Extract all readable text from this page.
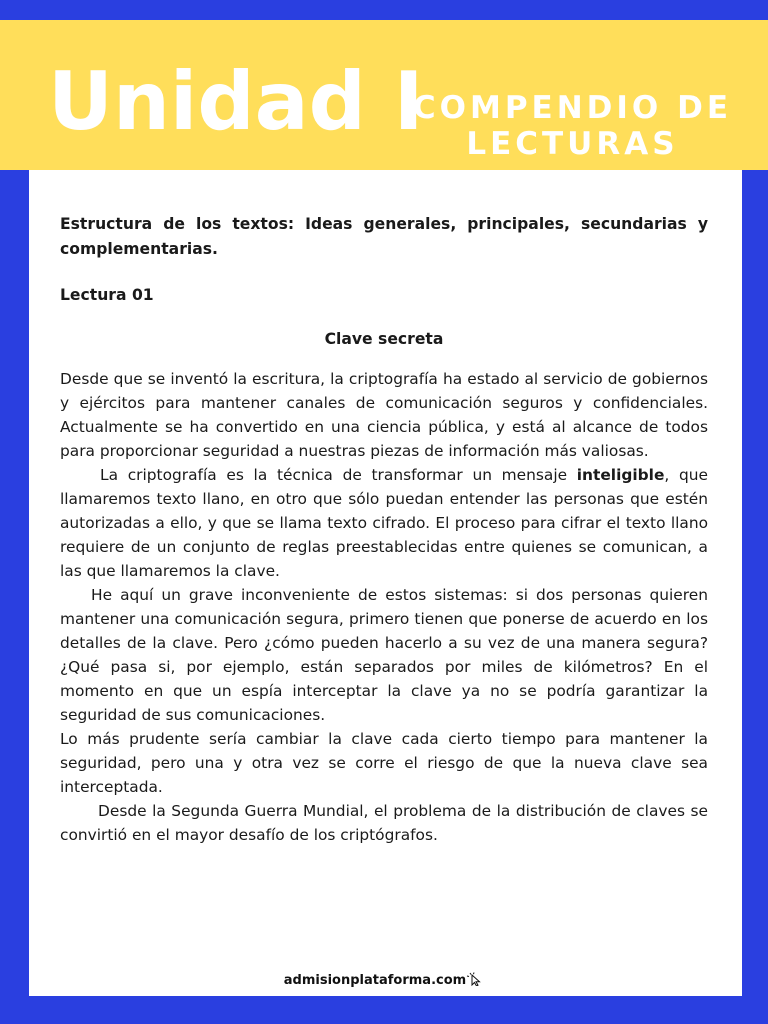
Unidad I
COMPENDIO DE
LECTURAS

Estructura de los textos: Ideas generales, principales, secundarias y complementarias.

Lectura 01

Clave secreta

Desde que se inventó la escritura, la criptografía ha estado al servicio de gobiernos y ejércitos para mantener canales de comunicación seguros y confidenciales. Actualmente se ha convertido en una ciencia pública, y está al alcance de todos para proporcionar seguridad a nuestras piezas de información más valiosas.

La criptografía es la técnica de transformar un mensaje inteligible, que llamaremos texto llano, en otro que sólo puedan entender las personas que estén autorizadas a ello, y que se llama texto cifrado. El proceso para cifrar el texto llano requiere de un conjunto de reglas preestablecidas entre quienes se comunican, a las que llamaremos la clave.

He aquí un grave inconveniente de estos sistemas: si dos personas quieren mantener una comunicación segura, primero tienen que ponerse de acuerdo en los detalles de la clave. Pero ¿cómo pueden hacerlo a su vez de una manera segura? ¿Qué pasa si, por ejemplo, están separados por miles de kilómetros? En el momento en que un espía interceptar la clave ya no se podría garantizar la seguridad de sus comunicaciones.

Lo más prudente sería cambiar la clave cada cierto tiempo para mantener la seguridad, pero una y otra vez se corre el riesgo de que la nueva clave sea interceptada.

Desde la Segunda Guerra Mundial, el problema de la distribución de claves se convirtió en el mayor desafío de los criptógrafos.

admisionplataforma.com
